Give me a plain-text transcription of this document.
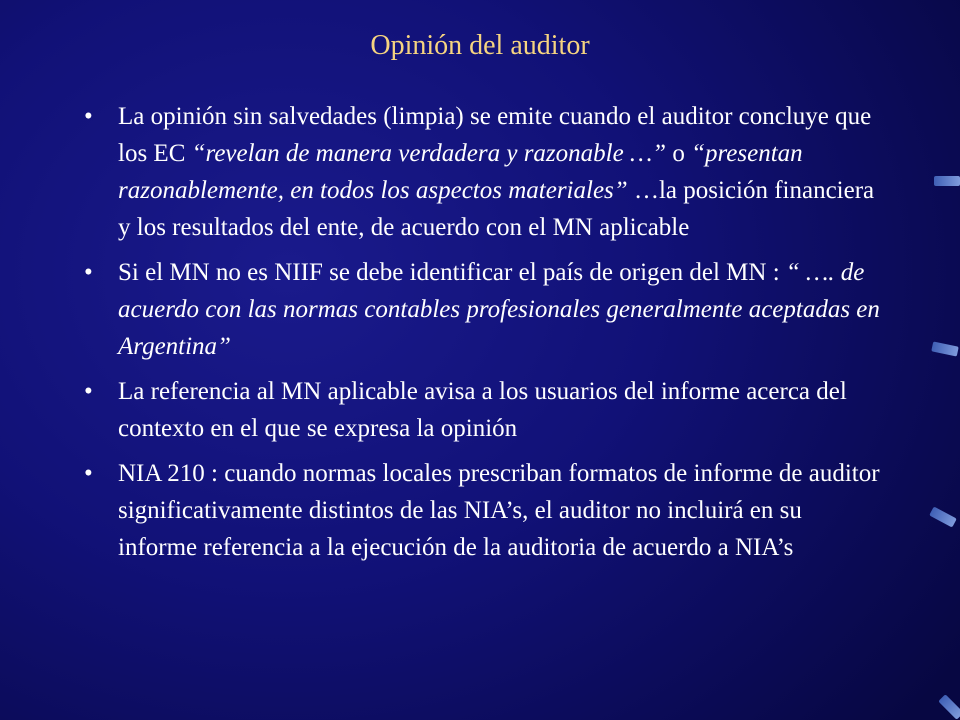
Opinión del auditor
• La opinión sin salvedades (limpia) se emite cuando el auditor concluye que los EC “revelan de manera verdadera y razonable …” o “presentan razonablemente, en todos los aspectos materiales” …la posición financiera y los resultados del ente, de acuerdo con el MN aplicable
• Si el MN no es NIIF se debe identificar el país de origen del MN : “ …. de acuerdo con las normas contables profesionales generalmente aceptadas en Argentina”
• La referencia al MN aplicable avisa a los usuarios del informe acerca del contexto en el que se expresa la opinión
• NIA 210 : cuando normas locales prescriban formatos de informe de auditor significativamente distintos de las NIA’s, el auditor no incluirá en su informe referencia a la ejecución de la auditoria de acuerdo a NIA’s
